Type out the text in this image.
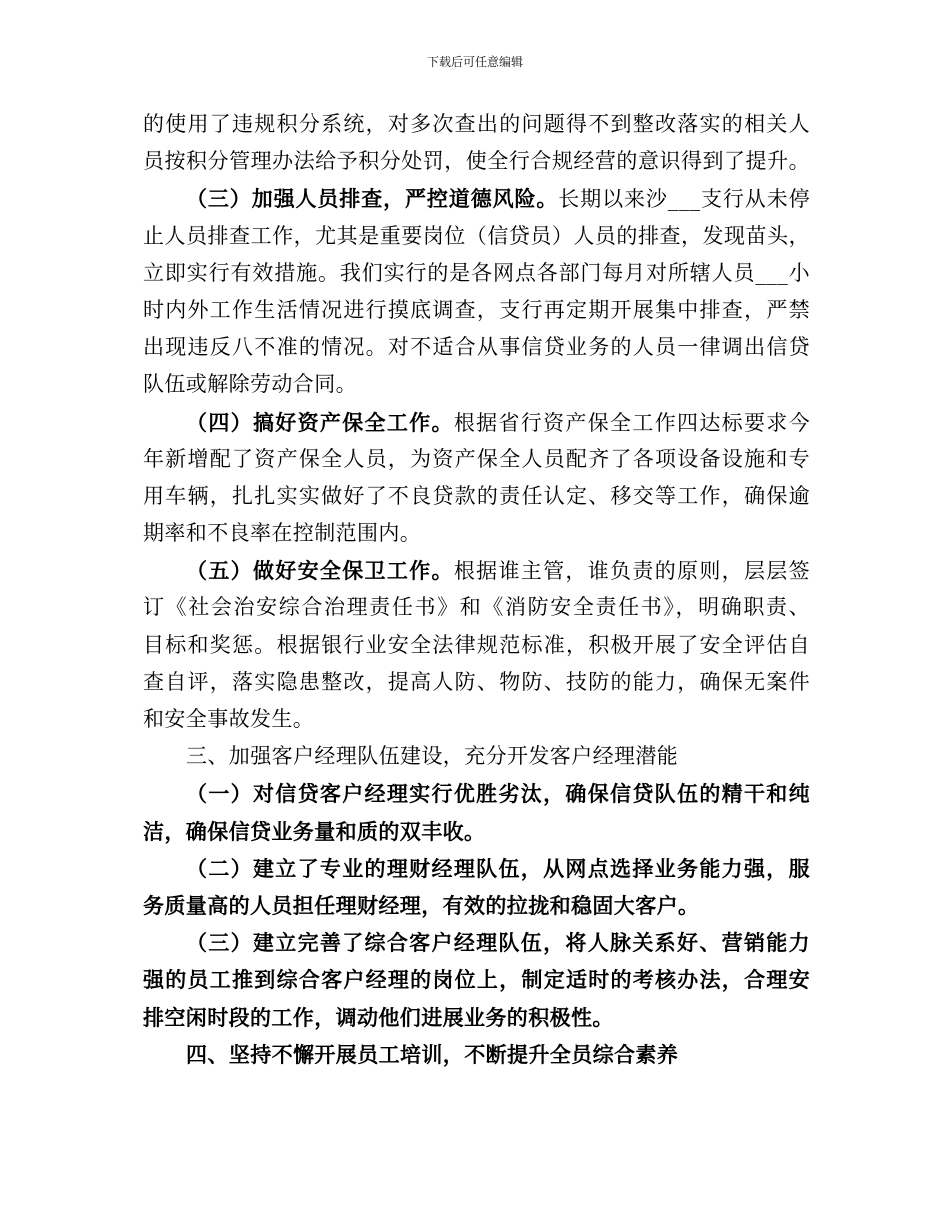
下载后可任意编辑
的使用了违规积分系统，对多次查出的问题得不到整改落实的相关人
员按积分管理办法给予积分处罚，使全行合规经营的意识得到了提升。
（三）加强人员排查，严控道德风险。长期以来沙___支行从未停
止人员排查工作，尤其是重要岗位（信贷员）人员的排查，发现苗头，
立即实行有效措施。我们实行的是各网点各部门每月对所辖人员___小
时内外工作生活情况进行摸底调查，支行再定期开展集中排查，严禁
出现违反八不准的情况。对不适合从事信贷业务的人员一律调出信贷
队伍或解除劳动合同。
（四）搞好资产保全工作。根据省行资产保全工作四达标要求今
年新增配了资产保全人员，为资产保全人员配齐了各项设备设施和专
用车辆，扎扎实实做好了不良贷款的责任认定、移交等工作，确保逾
期率和不良率在控制范围内。
（五）做好安全保卫工作。根据谁主管，谁负责的原则，层层签
订《社会治安综合治理责任书》和《消防安全责任书》，明确职责、
目标和奖惩。根据银行业安全法律规范标准，积极开展了安全评估自
查自评，落实隐患整改，提高人防、物防、技防的能力，确保无案件
和安全事故发生。
三、加强客户经理队伍建设，充分开发客户经理潜能
（一）对信贷客户经理实行优胜劣汰，确保信贷队伍的精干和纯
洁，确保信贷业务量和质的双丰收。
（二）建立了专业的理财经理队伍，从网点选择业务能力强，服
务质量高的人员担任理财经理，有效的拉拢和稳固大客户。
（三）建立完善了综合客户经理队伍，将人脉关系好、营销能力
强的员工推到综合客户经理的岗位上，制定适时的考核办法，合理安
排空闲时段的工作，调动他们进展业务的积极性。
四、坚持不懈开展员工培训，不断提升全员综合素养
